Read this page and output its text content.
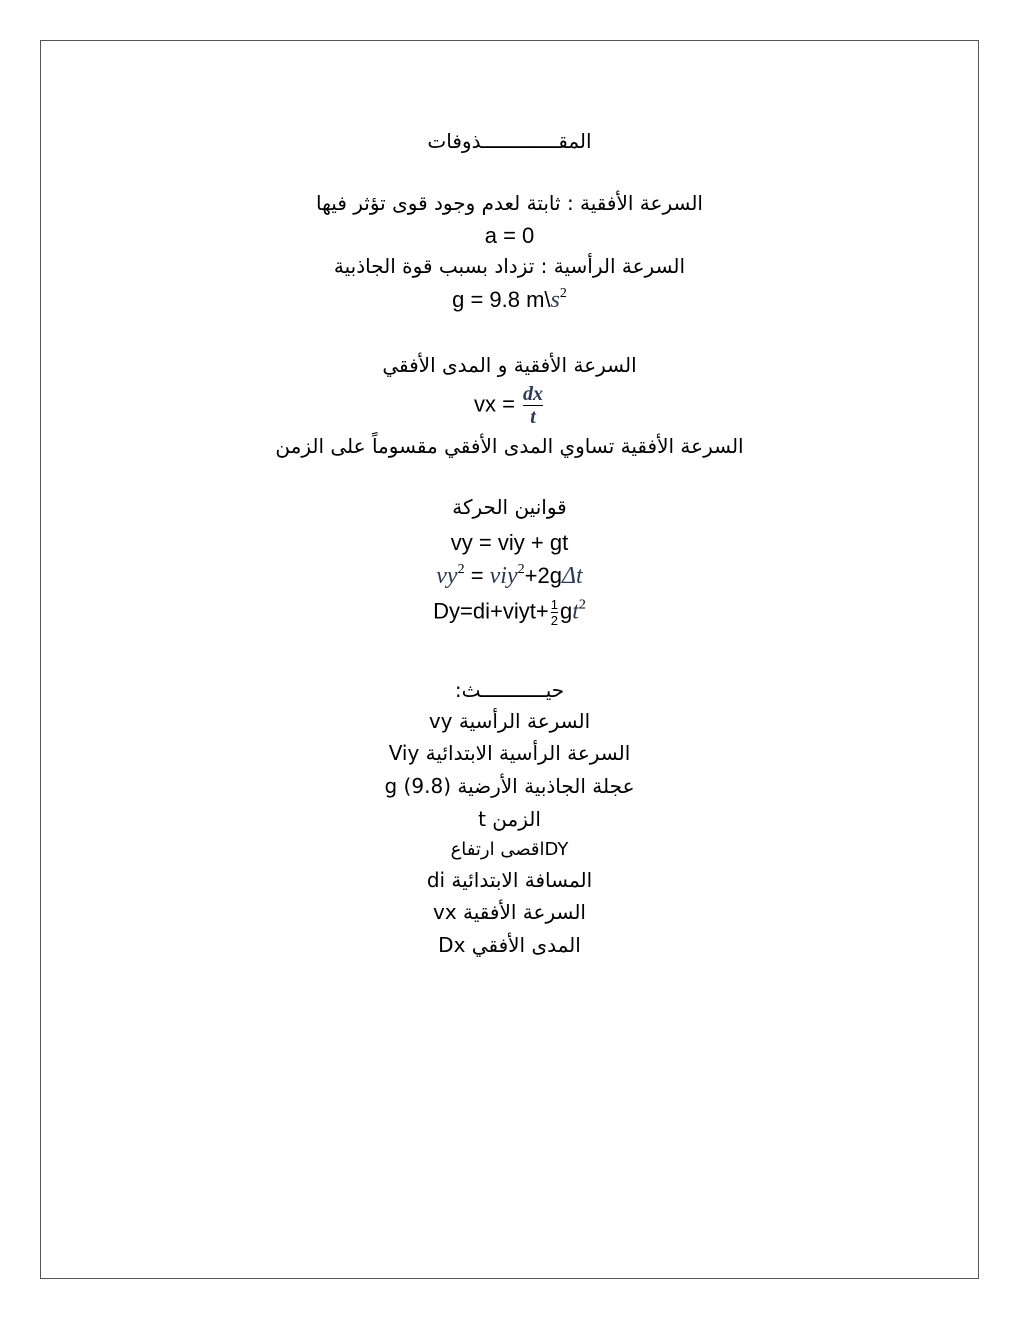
المقـــــــــــــذوفات
السرعة الأفقية : ثابتة لعدم وجود قوى تؤثر فيها
a = 0
السرعة الرأسية : تزداد بسبب قوة الجاذبية
g = 9.8 $m\backslash s^2$
السرعة الأفقية و المدى الأفقي
vx = $\frac{dx}{t}$
السرعة الأفقية تساوي المدى الأفقي مقسوماً على الزمن
قوانين الحركة
vy = viy + gt
$vy^2 = viy^2+2g\Delta t$
Dy=di+viyt+ $\frac{1}{2} gt^2$
حيـــــــــــث:
السرعة الرأسية vy
السرعة الرأسية الابتدائية Viy
عجلة الجاذبية الأرضية (9.8) g
الزمن t
DYاقصى ارتفاع
المسافة الابتدائية di
السرعة الأفقية vx
المدى الأفقي Dx
